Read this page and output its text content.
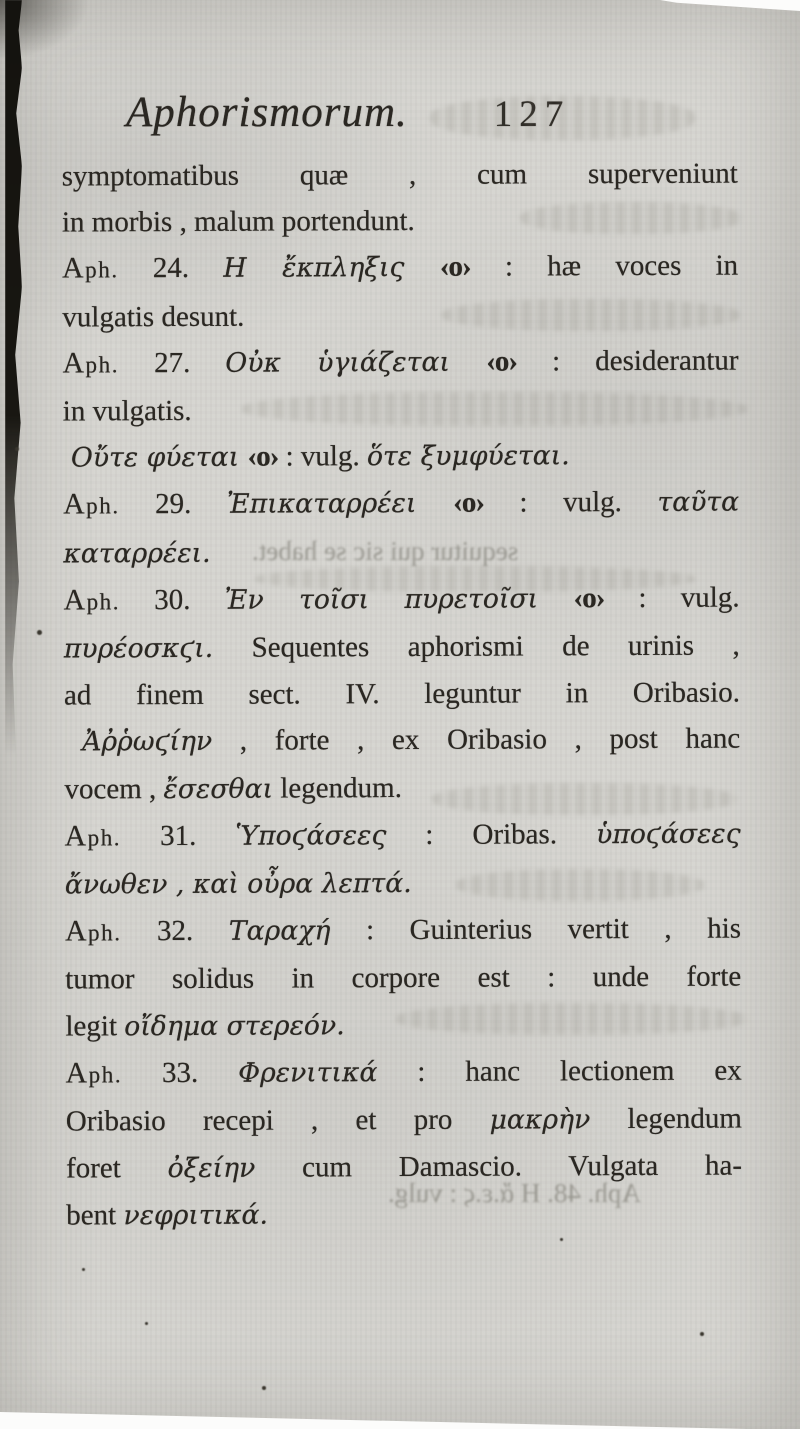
Aphorismorum. 127
symptomatibus quæ , cum superveniunt
in morbis , malum portendunt.
Aph. 24. Η ἔκπληξις ‹o› : hæ voces in
vulgatis desunt.
Aph. 27. Οὐκ ὑγιάζεται ‹o› : desiderantur
in vulgatis.
Οὔτε φύεται ‹o› : vulg. ὅτε ξυμφύεται.
Aph. 29. Ἐπικαταρρέει ‹o› : vulg. ταῦτα
καταρρέει.
Aph. 30. Ἐν τοῖσι πυρετοῖσι ‹o› : vulg.
πυρέοσκϛι. Sequentes aphorismi de urinis ,
ad finem sect. IV. leguntur in Oribasio.
Ἀῤῥωϛίην , forte , ex Oribasio , post hanc
vocem , ἔσεσθαι legendum.
Aph. 31. Ὑποϛάσεες : Oribas. ὑποϛάσεες
ἄνωθεν , καὶ οὖρα λεπτά.
Aph. 32. Ταραχή : Guinterius vertit , his
tumor solidus in corpore est : unde forte
legit οἴδημα στερεόν.
Aph. 33. Φρενιτικά : hanc lectionem ex
Oribasio recepi , et pro μακρὴν legendum
foret ὀξείην cum Damascio. Vulgata ha-
bent νεφριτικά.
sequitur qui sic se habet.
Aph. 48. Η ἄ.ε.ϛ : vulg.
